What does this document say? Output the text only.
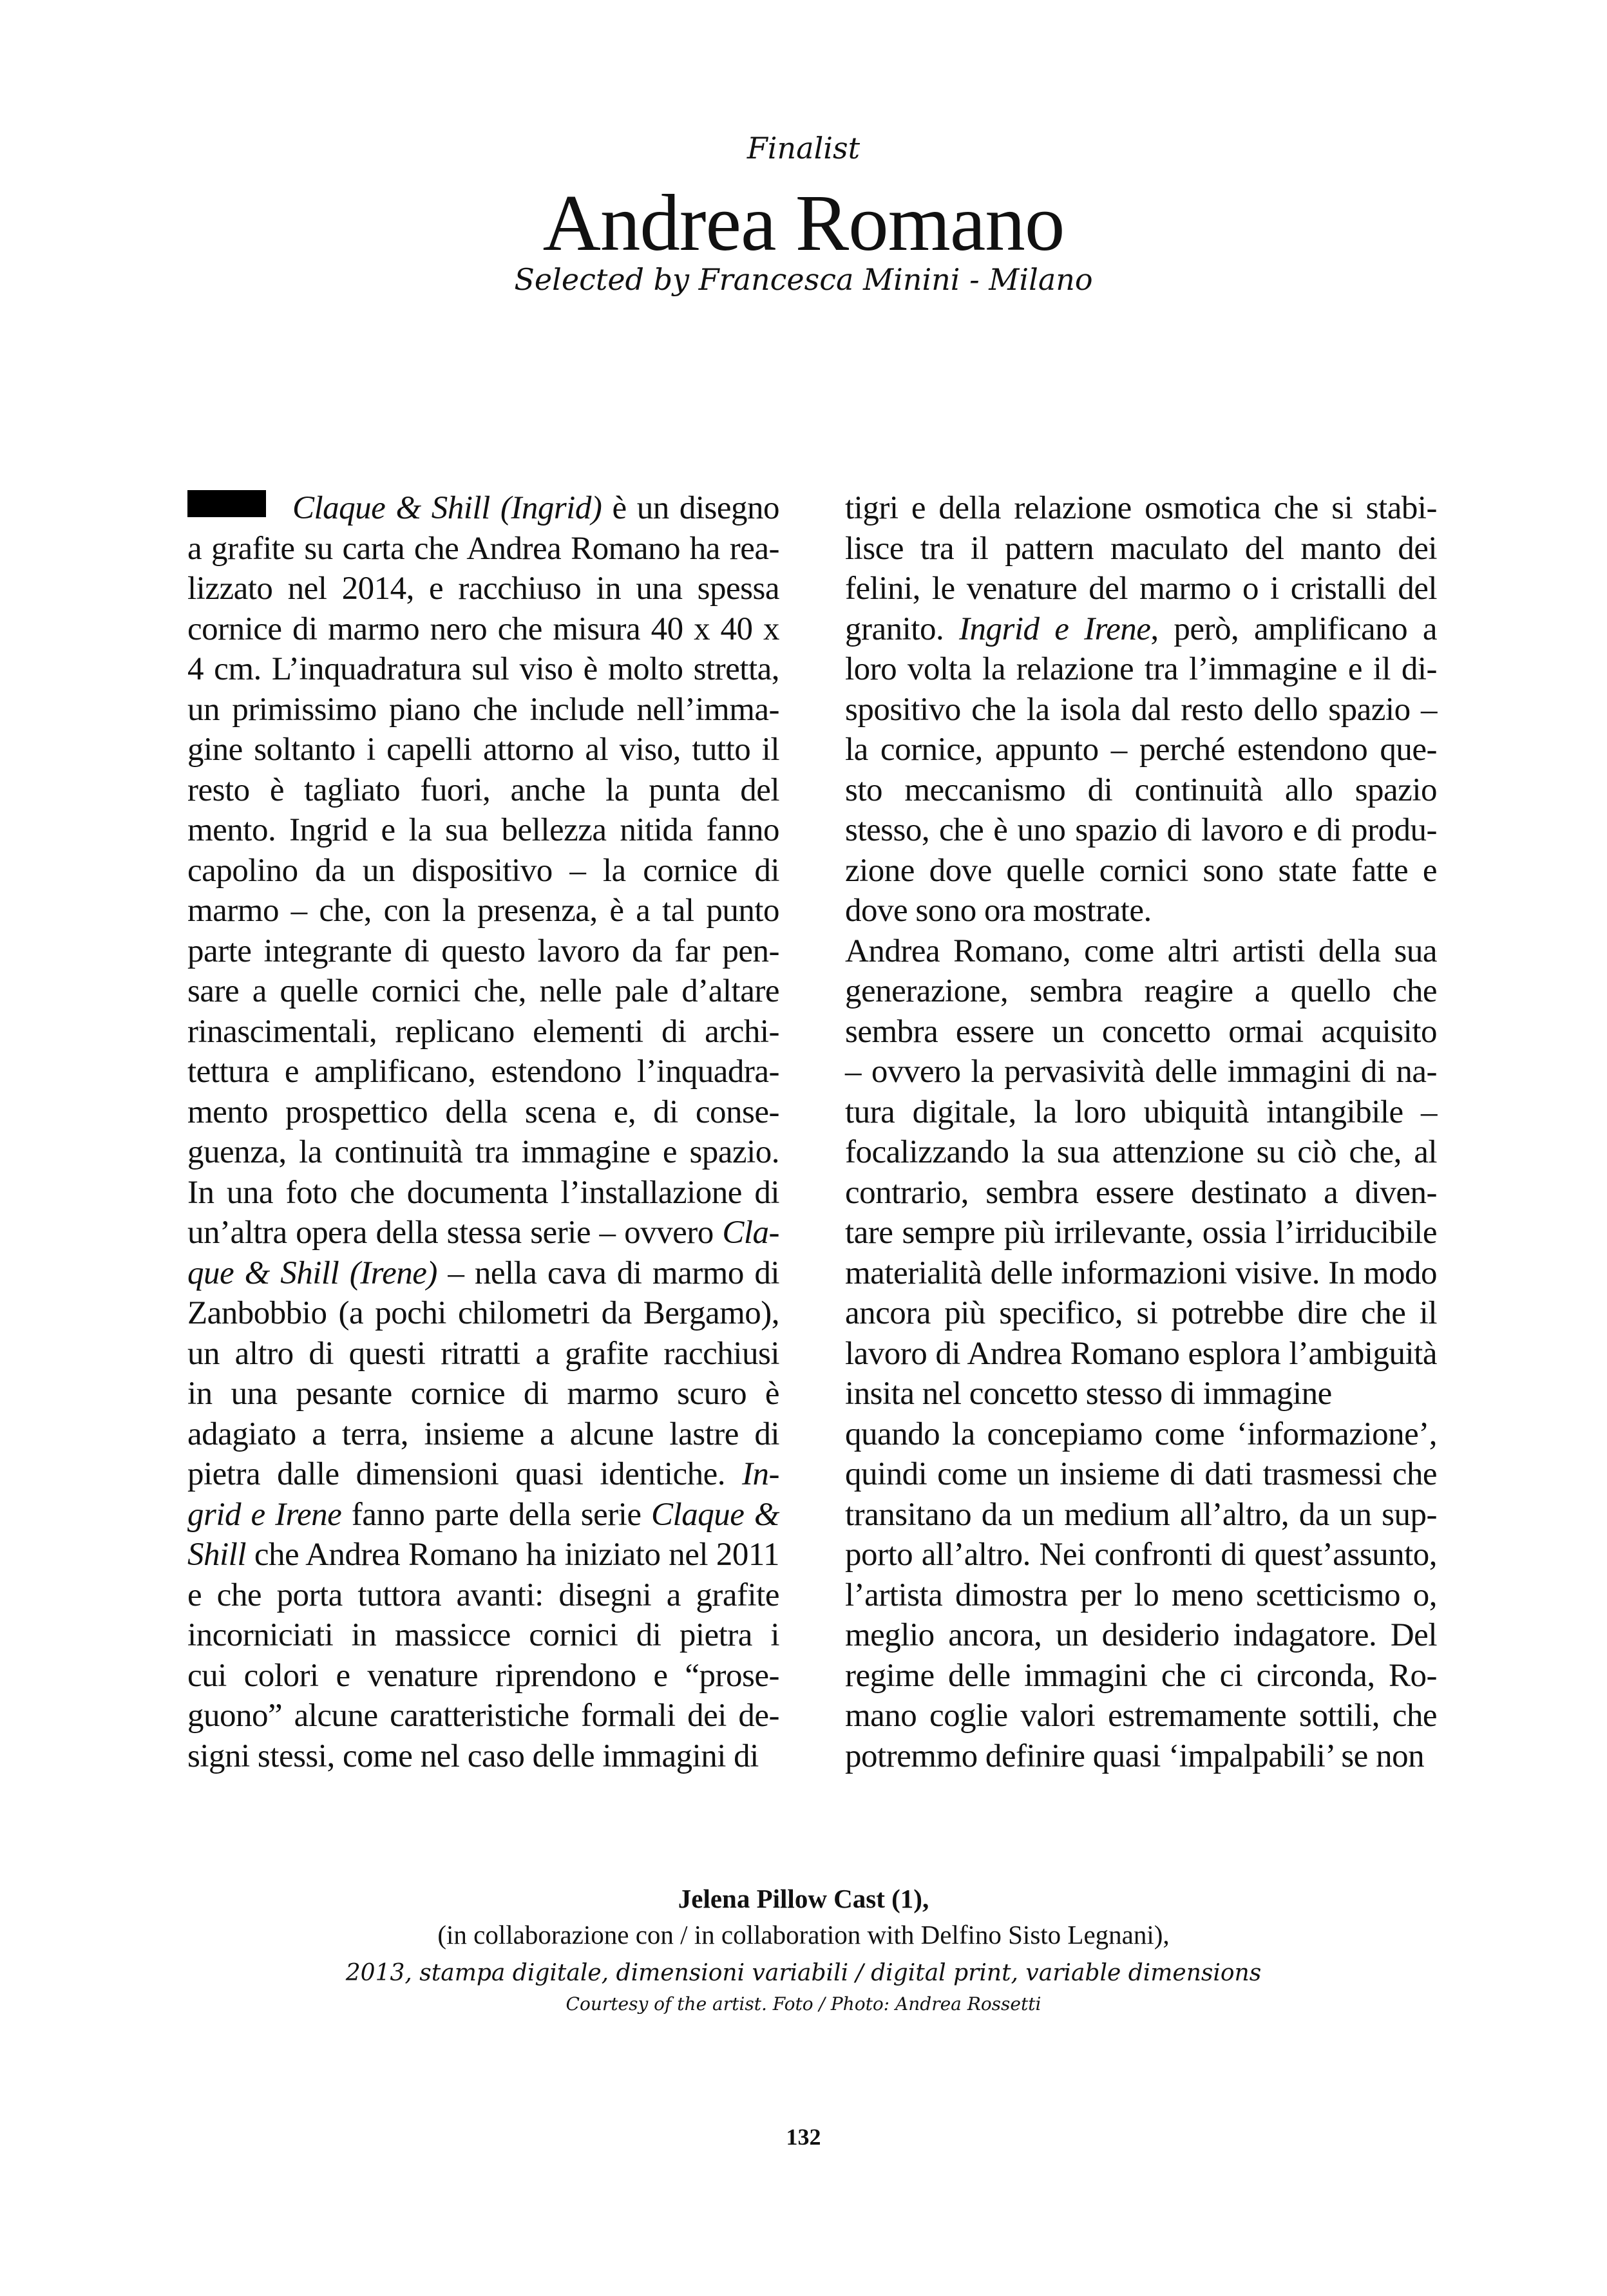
Finalist
Andrea Romano
Selected by Francesca Minini - Milano
Claque & Shill (Ingrid) è un disegno
a grafite su carta che Andrea Romano ha rea-
lizzato nel 2014, e racchiuso in una spessa
cornice di marmo nero che misura 40 x 40 x
4 cm. L’inquadratura sul viso è molto stretta,
un primissimo piano che include nell’imma-
gine soltanto i capelli attorno al viso, tutto il
resto è tagliato fuori, anche la punta del
mento. Ingrid e la sua bellezza nitida fanno
capolino da un dispositivo – la cornice di
marmo – che, con la presenza, è a tal punto
parte integrante di questo lavoro da far pen-
sare a quelle cornici che, nelle pale d’altare
rinascimentali, replicano elementi di archi-
tettura e amplificano, estendono l’inquadra-
mento prospettico della scena e, di conse-
guenza, la continuità tra immagine e spazio.
In una foto che documenta l’installazione di
un’altra opera della stessa serie – ovvero Cla-
que & Shill (Irene) – nella cava di marmo di
Zanbobbio (a pochi chilometri da Bergamo),
un altro di questi ritratti a grafite racchiusi
in una pesante cornice di marmo scuro è
adagiato a terra, insieme a alcune lastre di
pietra dalle dimensioni quasi identiche. In-
grid e Irene fanno parte della serie Claque &
Shill che Andrea Romano ha iniziato nel 2011
e che porta tuttora avanti: disegni a grafite
incorniciati in massicce cornici di pietra i
cui colori e venature riprendono e “prose-
guono” alcune caratteristiche formali dei de-
signi stessi, come nel caso delle immagini di
tigri e della relazione osmotica che si stabi-
lisce tra il pattern maculato del manto dei
felini, le venature del marmo o i cristalli del
granito. Ingrid e Irene, però, amplificano a
loro volta la relazione tra l’immagine e il di-
spositivo che la isola dal resto dello spazio –
la cornice, appunto – perché estendono que-
sto meccanismo di continuità allo spazio
stesso, che è uno spazio di lavoro e di produ-
zione dove quelle cornici sono state fatte e
dove sono ora mostrate.
Andrea Romano, come altri artisti della sua
generazione, sembra reagire a quello che
sembra essere un concetto ormai acquisito
– ovvero la pervasività delle immagini di na-
tura digitale, la loro ubiquità intangibile –
focalizzando la sua attenzione su ciò che, al
contrario, sembra essere destinato a diven-
tare sempre più irrilevante, ossia l’irriducibile
materialità delle informazioni visive. In modo
ancora più specifico, si potrebbe dire che il
lavoro di Andrea Romano esplora l’ambiguità
insita nel concetto stesso di immagine
quando la concepiamo come ‘informazione’,
quindi come un insieme di dati trasmessi che
transitano da un medium all’altro, da un sup-
porto all’altro. Nei confronti di quest’assunto,
l’artista dimostra per lo meno scetticismo o,
meglio ancora, un desiderio indagatore. Del
regime delle immagini che ci circonda, Ro-
mano coglie valori estremamente sottili, che
potremmo definire quasi ‘impalpabili’ se non
Jelena Pillow Cast (1),
(in collaborazione con / in collaboration with Delfino Sisto Legnani),
2013, stampa digitale, dimensioni variabili / digital print, variable dimensions
Courtesy of the artist. Foto / Photo: Andrea Rossetti
132
